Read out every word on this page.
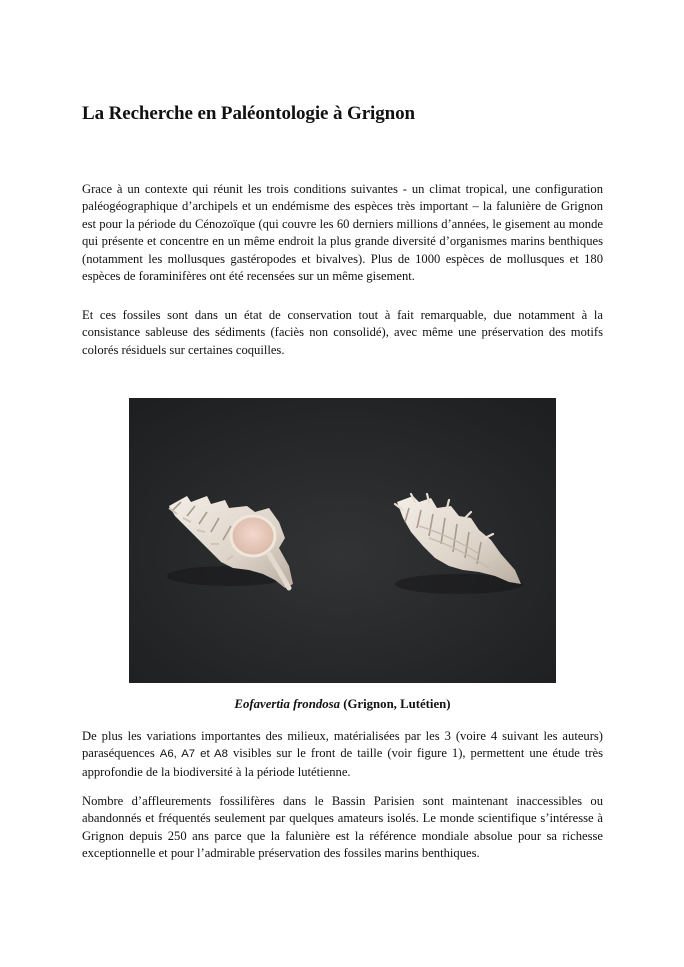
La Recherche en Paléontologie à Grignon

Grace à un contexte qui réunit les trois conditions suivantes - un climat tropical, une configuration paléogéographique d’archipels et un endémisme des espèces très important – la falunière de Grignon est pour la période du Cénozoïque (qui couvre les 60 derniers millions d’années, le gisement au monde qui présente et concentre en un même endroit la plus grande diversité d’organismes marins benthiques (notamment les mollusques gastéropodes et bivalves). Plus de 1000 espèces de mollusques et 180 espèces de foraminifères ont été recensées sur un même gisement.

Et ces fossiles sont dans un état de conservation tout à fait remarquable, due notamment à la consistance sableuse des sédiments (faciès non consolidé), avec même une préservation des motifs colorés résiduels sur certaines coquilles.

Eofavertia frondosa (Grignon, Lutétien)

De plus les variations importantes des milieux, matérialisées par les 3 (voire 4 suivant les auteurs) paraséquences A6, A7 et A8 visibles sur le front de taille (voir figure 1), permettent une étude très approfondie de la biodiversité à la période lutétienne.

Nombre d’affleurements fossilifères dans le Bassin Parisien sont maintenant inaccessibles ou abandonnés et fréquentés seulement par quelques amateurs isolés. Le monde scientifique s’intéresse à Grignon depuis 250 ans parce que la falunière est la référence mondiale absolue pour sa richesse exceptionnelle et pour l’admirable préservation des fossiles marins benthiques.
